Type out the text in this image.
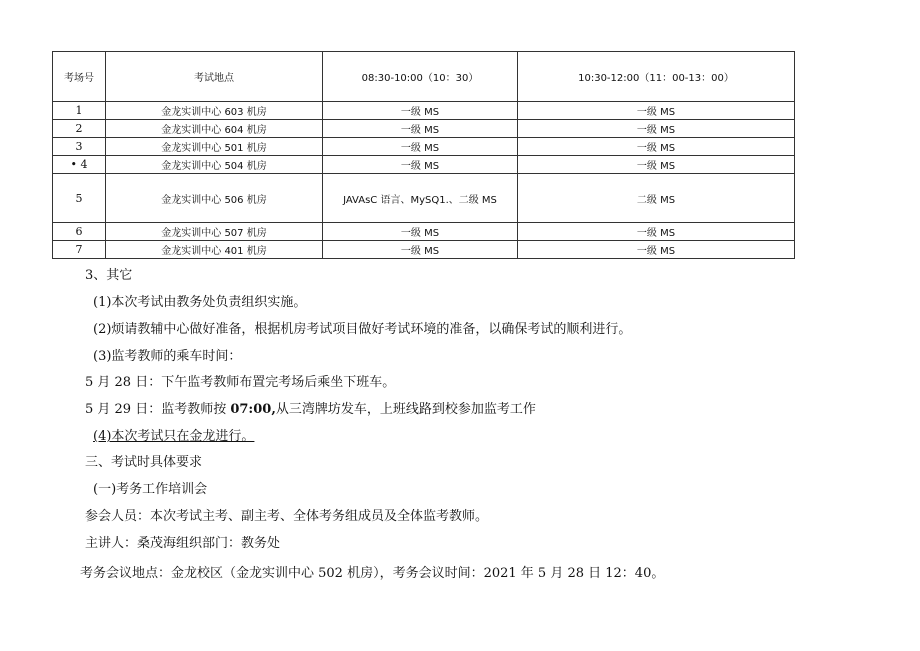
考场号	考试地点	08:30-10:00（10：30）	10:30-12:00（11：00-13：00）
1	金龙实训中心 603 机房	一级 MS	一级 MS
2	金龙实训中心 604 机房	一级 MS	一级 MS
3	金龙实训中心 501 机房	一级 MS	一级 MS
• 4	金龙实训中心 504 机房	一级 MS	一级 MS
5	金龙实训中心 506 机房	JAVAsC 语言、MySQ1.、二级 MS	二级 MS
6	金龙实训中心 507 机房	一级 MS	一级 MS
7	金龙实训中心 401 机房	一级 MS	一级 MS
3、其它
(1)本次考试由教务处负责组织实施。
(2)烦请教辅中心做好准备，根据机房考试项目做好考试环境的准备，以确保考试的顺利进行。
(3)监考教师的乘车时间：
5 月 28 日：下午监考教师布置完考场后乘坐下班车。
5 月 29 日：监考教师按 07:00,从三湾牌坊发车，上班线路到校参加监考工作
(4)本次考试只在金龙进行。
三、考试时具体要求
(一)考务工作培训会
参会人员：本次考试主考、副主考、全体考务组成员及全体监考教师。
主讲人：桑茂海组织部门：教务处
考务会议地点：金龙校区（金龙实训中心 502 机房），考务会议时间：2021 年 5 月 28 日 12：40。
